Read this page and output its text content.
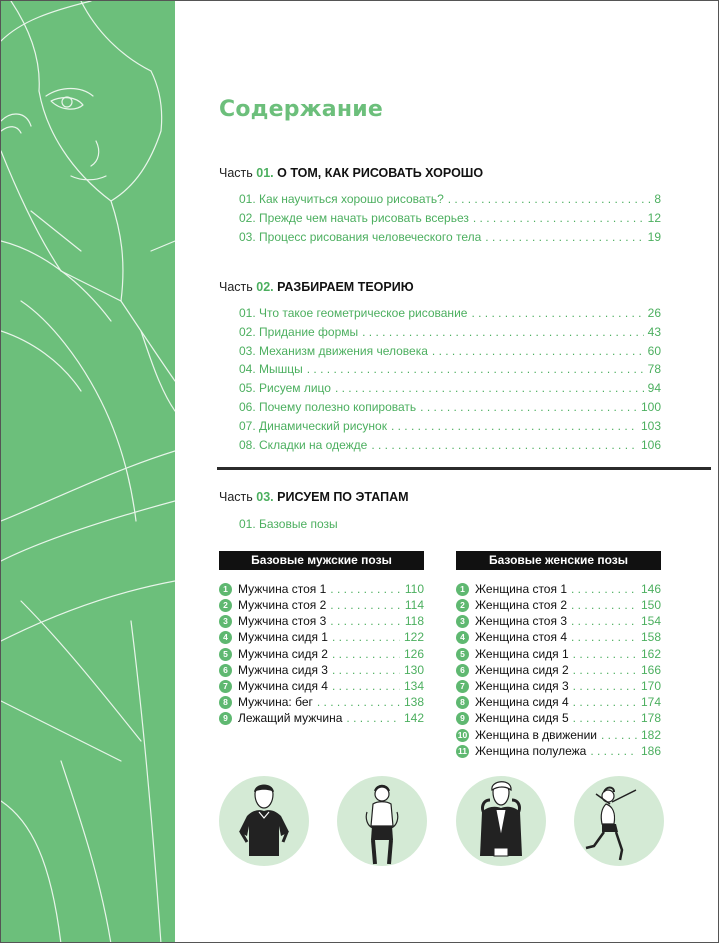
Содержание
Часть 01. О ТОМ, КАК РИСОВАТЬ ХОРОШО
01. Как научиться хорошо рисовать? . . .	8
02. Прежде чем начать рисовать всерьез . . .	12
03. Процесс рисования человеческого тела . . .	19
Часть 02. РАЗБИРАЕМ ТЕОРИЮ
01. Что такое геометрическое рисование . . .	26
02. Придание формы . . .	43
03. Механизм движения человека . . .	60
04. Мышцы . . .	78
05. Рисуем лицо . . .	94
06. Почему полезно копировать . . .	100
07. Динамический рисунок . . .	103
08. Складки на одежде . . .	106
Часть 03. РИСУЕМ ПО ЭТАПАМ
01. Базовые позы
Базовые мужские позы
1 Мужчина стоя 1 . . .	110
2 Мужчина стоя 2 . . .	114
3 Мужчина стоя 3 . . .	118
4 Мужчина сидя 1 . . .	122
5 Мужчина сидя 2 . . .	126
6 Мужчина сидя 3 . . .	130
7 Мужчина сидя 4 . . .	134
8 Мужчина: бег . . .	138
9 Лежащий мужчина . . .	142
Базовые женские позы
1 Женщина стоя 1 . . .	146
2 Женщина стоя 2 . . .	150
3 Женщина стоя 3 . . .	154
4 Женщина стоя 4 . . .	158
5 Женщина сидя 1 . . .	162
6 Женщина сидя 2 . . .	166
7 Женщина сидя 3 . . .	170
8 Женщина сидя 4 . . .	174
9 Женщина сидя 5 . . .	178
10 Женщина в движении . . .	182
11 Женщина полулежа . . .	186
